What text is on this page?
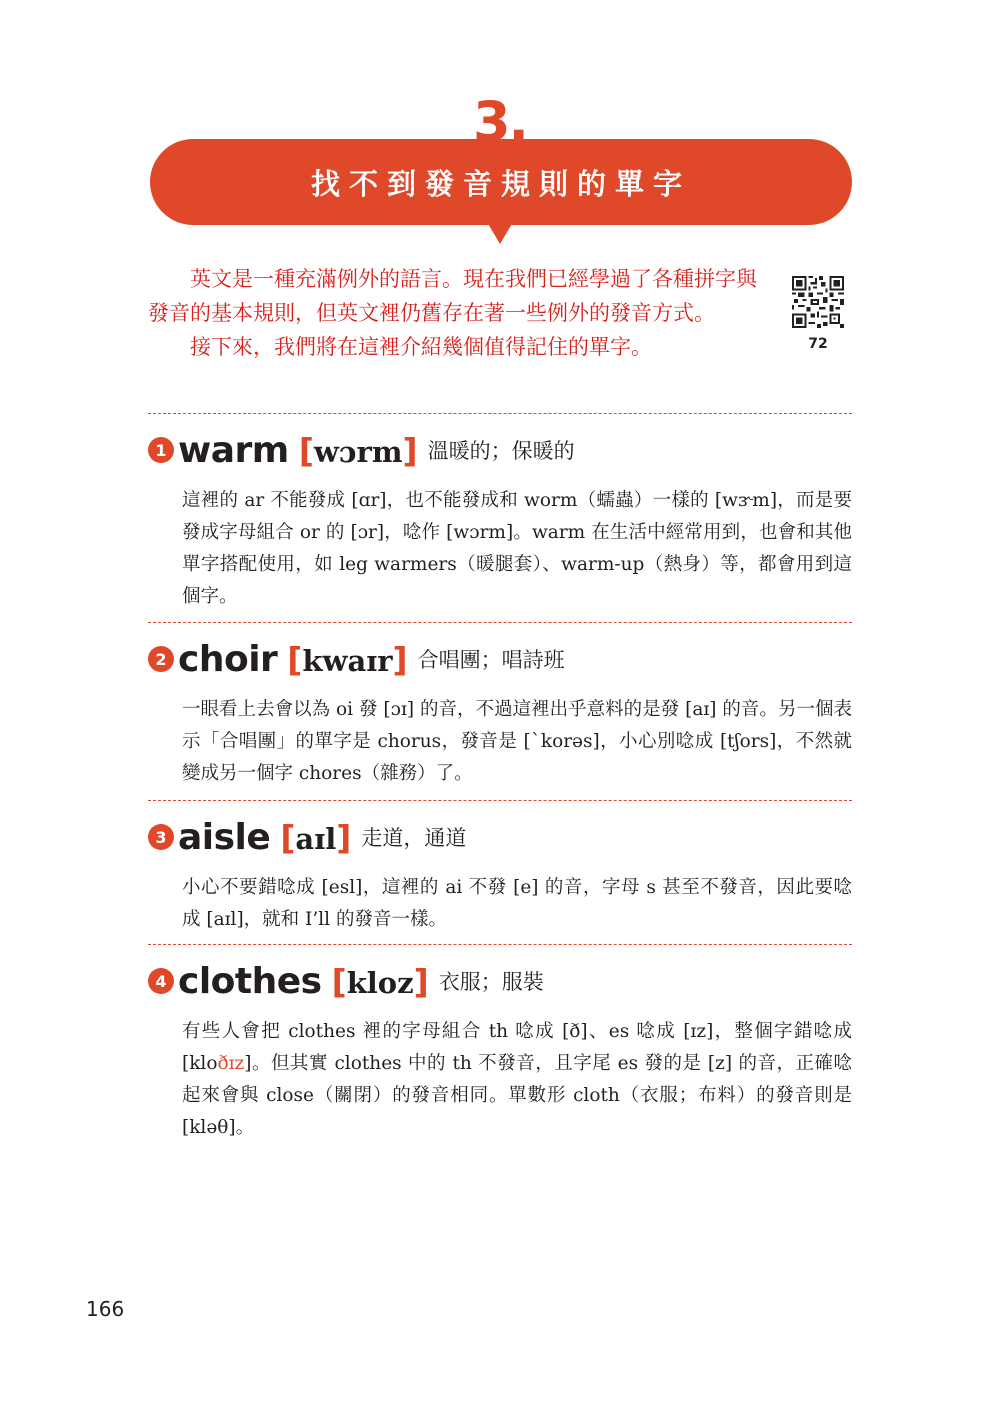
3.
找不到發音規則的單字

英文是一種充滿例外的語言。現在我們已經學過了各種拼字與發音的基本規則，但英文裡仍舊存在著一些例外的發音方式。

接下來，我們將在這裡介紹幾個值得記住的單字。	72
1 warm [wɔrm] 溫暖的；保暖的
這裡的 ar 不能發成 [ɑr]，也不能發成和 worm（蠕蟲）一樣的 [wɝm]，而是要發成字母組合 or 的 [ɔr]，唸作 [wɔrm]。warm 在生活中經常用到，也會和其他單字搭配使用，如 leg warmers（暖腿套）、warm-up（熱身）等，都會用到這個字。
2 choir [kwaɪr] 合唱團；唱詩班
一眼看上去會以為 oi 發 [ɔɪ] 的音，不過這裡出乎意料的是發 [aɪ] 的音。另一個表示「合唱團」的單字是 chorus，發音是 [ˋkorəs]，小心別唸成 [tʃors]，不然就變成另一個字 chores（雜務）了。
3 aisle [aɪl] 走道，通道
小心不要錯唸成 [esl]，這裡的 ai 不發 [e] 的音，字母 s 甚至不發音，因此要唸成 [aɪl]，就和 I’ll 的發音一樣。
4 clothes [kloz] 衣服；服裝
有些人會把 clothes 裡的字母組合 th 唸成 [ð]、es 唸成 [ɪz]，整個字錯唸成 [kloðɪz]。但其實 clothes 中的 th 不發音，且字尾 es 發的是 [z] 的音，正確唸起來會與 close（關閉）的發音相同。單數形 cloth（衣服；布料）的發音則是 [kləθ]。
166
